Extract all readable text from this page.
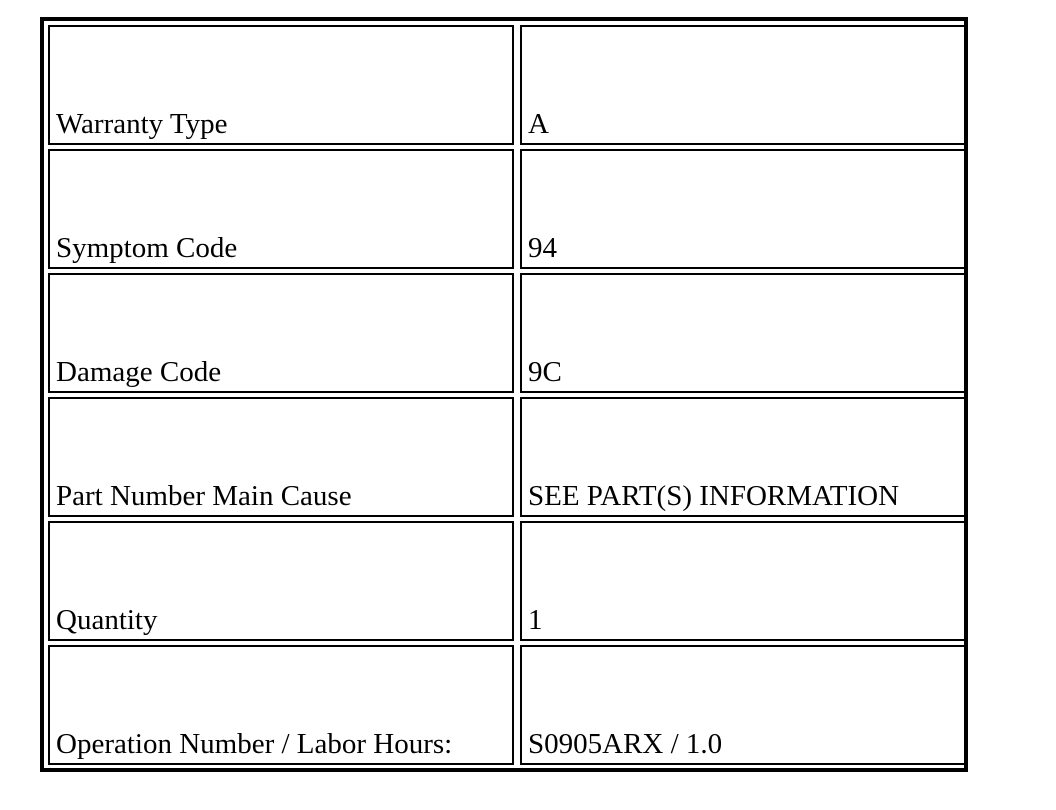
Warranty Type	A
Symptom Code	94
Damage Code	9C
Part Number Main Cause	SEE PART(S) INFORMATION
Quantity	1
Operation Number / Labor Hours:	S0905ARX / 1.0
